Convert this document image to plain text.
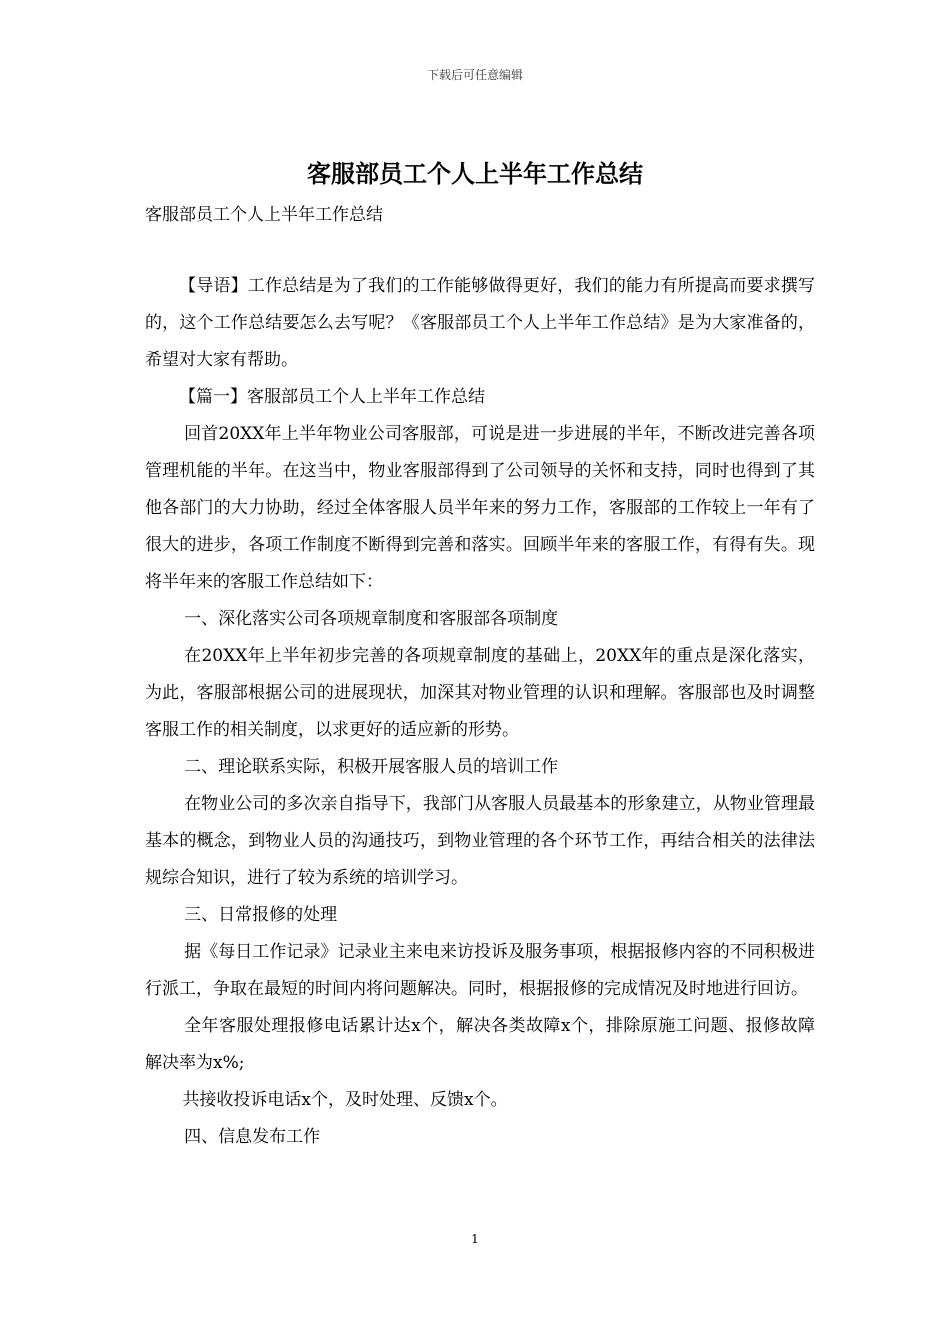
下载后可任意编辑
客服部员工个人上半年工作总结
客服部员工个人上半年工作总结

【导语】工作总结是为了我们的工作能够做得更好，我们的能力有所提高而要求撰写的，这个工作总结要怎么去写呢？《客服部员工个人上半年工作总结》是为大家准备的，希望对大家有帮助。

【篇一】客服部员工个人上半年工作总结

回首20XX年上半年物业公司客服部，可说是进一步进展的半年，不断改进完善各项管理机能的半年。在这当中，物业客服部得到了公司领导的关怀和支持，同时也得到了其他各部门的大力协助，经过全体客服人员半年来的努力工作，客服部的工作较上一年有了很大的进步，各项工作制度不断得到完善和落实。回顾半年来的客服工作，有得有失。现将半年来的客服工作总结如下：

一、深化落实公司各项规章制度和客服部各项制度

在20XX年上半年初步完善的各项规章制度的基础上，20XX年的重点是深化落实，为此，客服部根据公司的进展现状，加深其对物业管理的认识和理解。客服部也及时调整客服工作的相关制度，以求更好的适应新的形势。

二、理论联系实际，积极开展客服人员的培训工作

在物业公司的多次亲自指导下，我部门从客服人员最基本的形象建立，从物业管理最基本的概念，到物业人员的沟通技巧，到物业管理的各个环节工作，再结合相关的法律法规综合知识，进行了较为系统的培训学习。

三、日常报修的处理

据《每日工作记录》记录业主来电来访投诉及服务事项，根据报修内容的不同积极进行派工，争取在最短的时间内将问题解决。同时，根据报修的完成情况及时地进行回访。

全年客服处理报修电话累计达x个，解决各类故障x个，排除原施工问题、报修故障解决率为x%;

共接收投诉电话x个，及时处理、反馈x个。

四、信息发布工作

1
